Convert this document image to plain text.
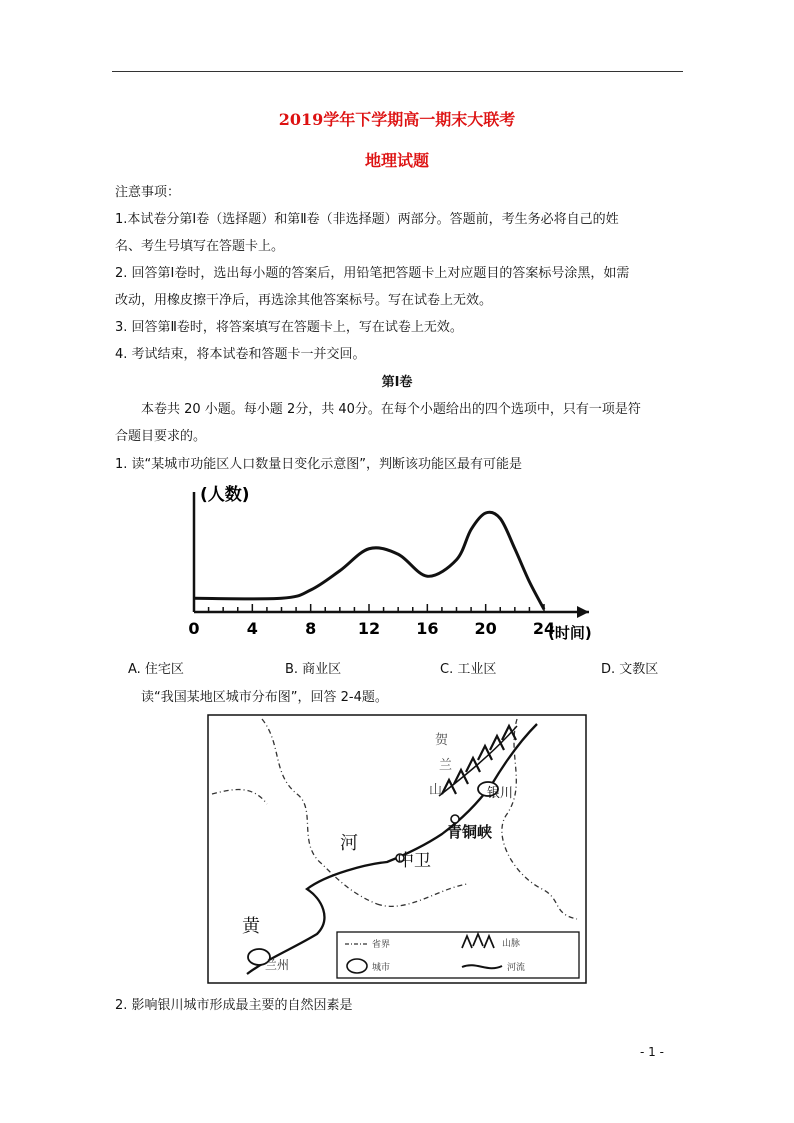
2019学年下学期高一期末大联考
地理试题
注意事项：
1.本试卷分第Ⅰ卷（选择题）和第Ⅱ卷（非选择题）两部分。答题前，考生务必将自己的姓
名、考生号填写在答题卡上。
2. 回答第Ⅰ卷时，选出每小题的答案后，用铅笔把答题卡上对应题目的答案标号涂黑，如需
改动，用橡皮擦干净后，再选涂其他答案标号。写在试卷上无效。
3. 回答第Ⅱ卷时，将答案填写在答题卡上，写在试卷上无效。
4. 考试结束，将本试卷和答题卡一并交回。
第Ⅰ卷
本卷共 20 小题。每小题 2分，共 40分。在每个小题给出的四个选项中，只有一项是符
合题目要求的。
1. 读“某城市功能区人口数量日变化示意图”，判断该功能区最有可能是
0	4	8	12 16 20 24
(人数)
(时间)
A. 住宅区	B. 商业区	C. 工业区	D. 文教区
读“我国某地区城市分布图”，回答 2-4题。
贺
兰
山	银川
青铜峡
河
中卫
黄
兰州
省界
城市
山脉
河流
2. 影响银川城市形成最主要的自然因素是
- 1 -
